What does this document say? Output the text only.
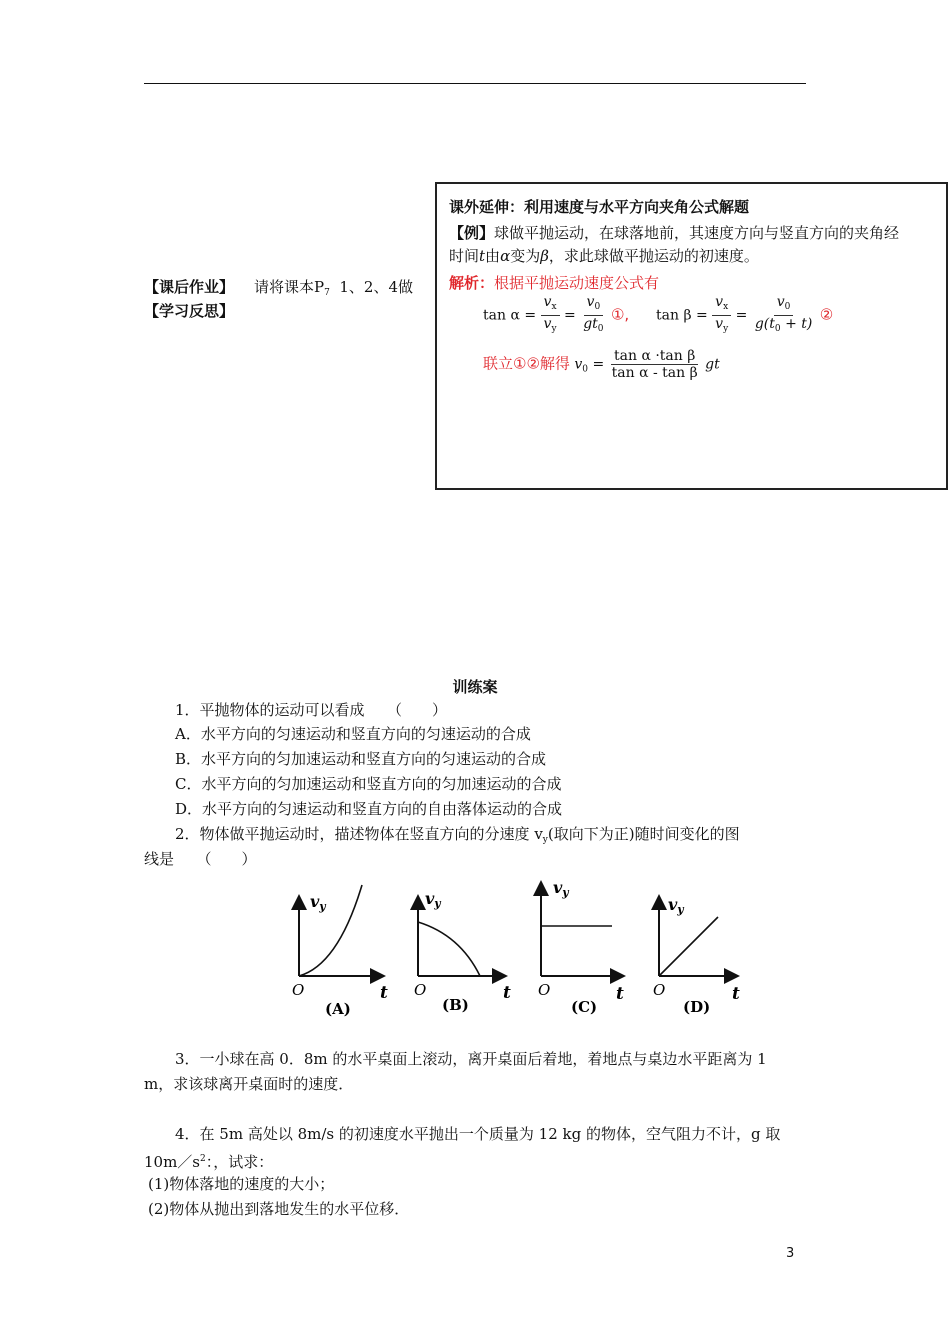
【课后作业】 请将课本$P_7$ 1、2、4做
【学习反思】
课外延伸：利用速度与水平方向夹角公式解题
【例】球做平抛运动，在球落地前，其速度方向与竖直方向的夹角经
时间t由α变为β，求此球做平抛运动的初速度。
解析：根据平抛运动速度公式有
$\tan \alpha = \frac{v_x}{v_y} = \frac{v_0}{gt_0}$ ①, $\tan \beta = \frac{v_x}{v_y} = \frac{v_0}{g(t_0 + t)}$ ②
联立①②解得 $v_0 = \frac{\text{tan α ·tan β}}{\text{tan α - tan β}}$ gt
训练案
1．平抛物体的运动可以看成　　（　　）
A．水平方向的匀速运动和竖直方向的匀速运动的合成
B．水平方向的匀加速运动和竖直方向的匀速运动的合成
C．水平方向的匀加速运动和竖直方向的匀加速运动的合成
D．水平方向的匀速运动和竖直方向的自由落体运动的合成
2．物体做平抛运动时，描述物体在竖直方向的分速度 $v_y$(取向下为正)随时间变化的图
线是　　（　　）
vy
O	t
(A)
vy
O	t
(B)
vy
O	t
(C)
vy
O	t
(D)
3．一小球在高 0．8m 的水平桌面上滚动，离开桌面后着地，着地点与桌边水平距离为 1
m，求该球离开桌面时的速度．
4．在 5m 高处以 8m/s 的初速度水平抛出一个质量为 12 kg 的物体，空气阻力不计，g 取
$10m/s^2$：，试求：
(1)物体落地的速度的大小；
(2)物体从抛出到落地发生的水平位移．
3
